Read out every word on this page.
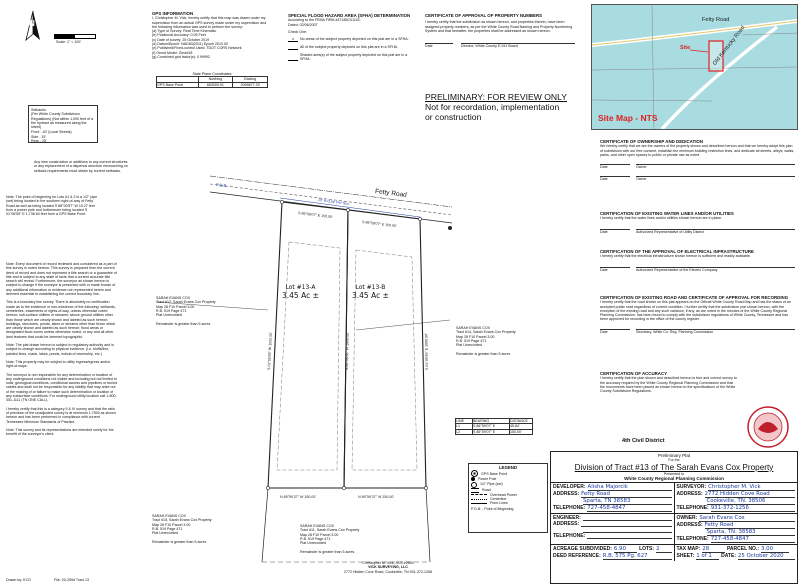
N
Scale: 1" = 100'
Setbacks
(Per White County Subdivision Regulations) (Not within 1,000 feet of a fire hydrant as measured along the street)
Front - 40' (Local Streets)
Side - 15'
Rear - 25'
Any new construction or additions to any current structures or any replacement of a dispersal structure encroaching on setback requirements must obtain by current setbacks.
GPS INFORMATION
I, Christopher M. Vick, hereby certify that this map was drawn under my supervision from an actual GPS survey made under my supervision and the following information was used to perform the survey:
(a) Type of Survey: Real Time Kinematic
(b) Positional Accuracy: 0.05 Feet
(c) Date of survey: 25 October 2019
(d) Datum/Epoch: NAD83(2011) Epoch 2010.00
(e) Published/Fixed-control Used: TDOT CORS Network
(f) Geoid Model: Geoid18
(g) Combined grid factor(s): 0.99992
State Plane Coordinates
Northing	Easting
GPS Base Point	663009.91	2099877.29
SPECIAL FLOOD HAZARD AREA (SFHA) DETERMINATION
According to the FEMA FIRM #47185C0110C
Dated: 02/06/2007
Check One:
x	No areas of the subject property depicted on this plat are in a SFHA.
All of the subject property depicted on this plat are in a SFHA.
Shaded area(s) of the subject property depicted on this plat are in a SFHA.
CERTIFICATE OF APPROVAL OF PROPERTY NUMBERS
I hereby certify that the subdivision as shown hereon, and properties therein, have been assigned property numbers, as per the White County Road Naming and Property Numbering System and that hereafter, the properties shall be addressed as shown hereon.
Date	Director, White County E-911 Board
PRELIMINARY: FOR REVIEW ONLY
Not for recordation, implementation
or construction
Fetty Road
Old Kentucky Road
Site
Site Map - NTS
Note: The point of beginning for Lots #1 & 2 is a 1/2" pipe (set) being located in the southern right-of-way of Fetty Road as well as being located S 88°00'57" W 15.27 feet from a power pole and furthermore being located S 01°08'59" E 1,738.60 feet from a GPS Base Point.
Note: Every document of record reviewed and considered as a part of this survey is noted hereon. This survey is prepared from the current deed of record and does not represent a title search or a guarantee of title and is subject to any state of facts that a current accurate title search will reveal. Furthermore, the surveyor as shown hereon is subject to change if the surveyor is presented with or made known of any additional information or evidence not represented herein and deemed essential to establishing the correct boundary line.
This is a boundary line survey. There is absolutely no certification made as to the existence or non-existence of the following: wetlands, cemeteries, easements or rights-of-way, unless otherwise noted hereon; sub-surface utilities or streams; above ground utilities other than those which are clearly shown and labeled as such hereon; buildings, structures, ponds, lakes or streams other than those which are clearly shown and labeled as such hereon; flood areas or designated flood zones unless otherwise noted; or any and all other land features that could be deemed topographic.
Note: The plat drawn hereon is subject to regulatory authority and is subject to change according to physical evidence. (i.e. bluffs/line, painted lines, roads, lakes, ponds, indicia of ownership, etc.)
Note: This property may be subject to utility ingress/egress and/or right-of-ways.
The surveyor is not responsible for any determination or location of any underground conditions not visible and including but not limited to soils, geological conditions, conditional access and pipelines or buried cables and shall not be responsible for any liability that may arise out of the making of or failure to make such determination or location of any subsurface conditions. For underground utility location call 1-800-351-1111 (TN ONE CALL).
I hereby certify that this is a category II & IV survey and that the ratio of precision of the unadjusted survey is at minimum 1:7500 as shown hereon and has been performed in compliance with current Tennessee Minimum Standards of Practice.
Note: This survey and its representations are intended solely for the benefit of the surveyor's client.
Drawn by: KCG	File: 20-259d Tract 13
P.O.B.
S 86°59'07" E 150.00'
S 86°59'07" E 150.00'
N 89°59'37" W 150.00'	N 89°59'37" W 150.00'
S 02°55'55" W 1000.00'	S 00°49'36" W 1000.00'	S 01°09'46" E 1000.00'
Fetty Road
20' R.O.W. Per Sec.
Lot #13-A
3.45 Ac ±
Lot #13-B
3.45 Ac ±
SARAH EVANS COX
Tract #12, Sarah Evans Cox Property
Map 28 F10 Parcel 3.00
R.B. 519 Page 471
Plat Unrecorded
Remainder is greater than 5 acres
SARAH EVANS COX
Tract #14, Sarah Evans Cox Property
Map 28 F10 Parcel 3.00
R.B. 519 Page 471
Plat Unrecorded
Remainder is greater than 5 acres
SARAH EVANS COX
Tract #15, Sarah Evans Cox Property
Map 28 F10 Parcel 3.00
R.B. 519 Page 471
Plat Unrecorded
Remainder is greater than 5 acres
SARAH EVANS COX
Tract #11, Sarah Evans Cox Property
Map 28 F10 Parcel 3.00
R.B. 519 Page 471
Plat Unrecorded
Remainder is greater than 5 acres
CERTIFICATE OF OWNERSHIP AND DEDICATION
We hereby certify that we are the owners of the property shown and described hereon and that we hereby adopt this plan of subdivision with our free consent, establish the minimum building restriction lines, and dedicate all streets, alleys, walks, parks, and other open spaces to public or private use as noted.
Date	Owner
Date	Owner
CERTIFICATION OF EXISTING WATER LINES AND/OR UTILITIES
I hereby certify that the water lines and/or utilities shown hereon are in place.
Date	Authorized Representative of Utility District
CERTIFICATION OF THE APPROVAL OF ELECTRICAL INFRASTRUCTURE
I hereby certify that the electrical infrastructure shown hereon is sufficient and readily available.
Date	Authorized Representative of the Electric Company
CERTIFICATION OF EXISTING ROAD AND CERTIFICATE OF APPROVAL FOR RECORDING
I hereby certify that the road shown on this plat appears on the Official White County Road Map and has the status of an accepted public road regardless of current condition. I further certify that the subdivision plat shown hereon, with the exception of the existing road and any such variance, if any, as are noted in the minutes of the White County Regional Planning Commission, has been found to comply with the subdivision regulations of White County, Tennessee and has been approved for recording in the office of the county register.
Date	Secretary, White Co. Reg. Planning Commission
CERTIFICATION OF ACCURACY
I hereby certify that the plan shown and described hereon is true and correct survey to the accuracy required by the White County Regional Planning Commission and that the monuments have been placed as shown hereon to the specifications of the White County Subdivision Regulations.
4th Civil District
LINE	BEARING	DISTANCE
L1	S 86°59'07" E	45.84'
L2	S 86°59'07" E	150.00'
LEGEND
GPS Base Point
Power Pole
1/2" Pipe (set)
Road
Overhead Power
Centerline
Point Lines
P.O.B. - Point of Beginning
Christopher M. Vick, RLS #2604
VICK SURVEYING, LLC
2772 Hidden Cove Road, Cookeville, TN 931-372-1258
Preliminary Plat
For the
Division of Tract #13 of The Sarah Evans Cox Property
Presented to
White County Regional Planning Commission
DEVELOPER: Alisha Majorcik
ADDRESS: Fetty Road
Sparta, TN 38583
TELEPHONE: 727-458-4847
SURVEYOR: Christopher M. Vick
ADDRESS: 2772 Hidden Cove Road
Cookeville, TN. 38506
TELEPHONE: 931-372-1256
ENGINEER:
ADDRESS:
TELEPHONE:
OWNER: Sarah Evans Cox
ADDRESS: Fetty Road
Sparta, TN. 38583
TELEPHONE: 727-458-4847
ACREAGE SUBDIVIDED: 6.90	LOTS: 2
DEED REFERENCE: R.B. 575 Pg. 627
TAX MAP: 28	PARCEL NO.: 3.00
SHEET: 1 of 1	DATE: 25 October 2020
